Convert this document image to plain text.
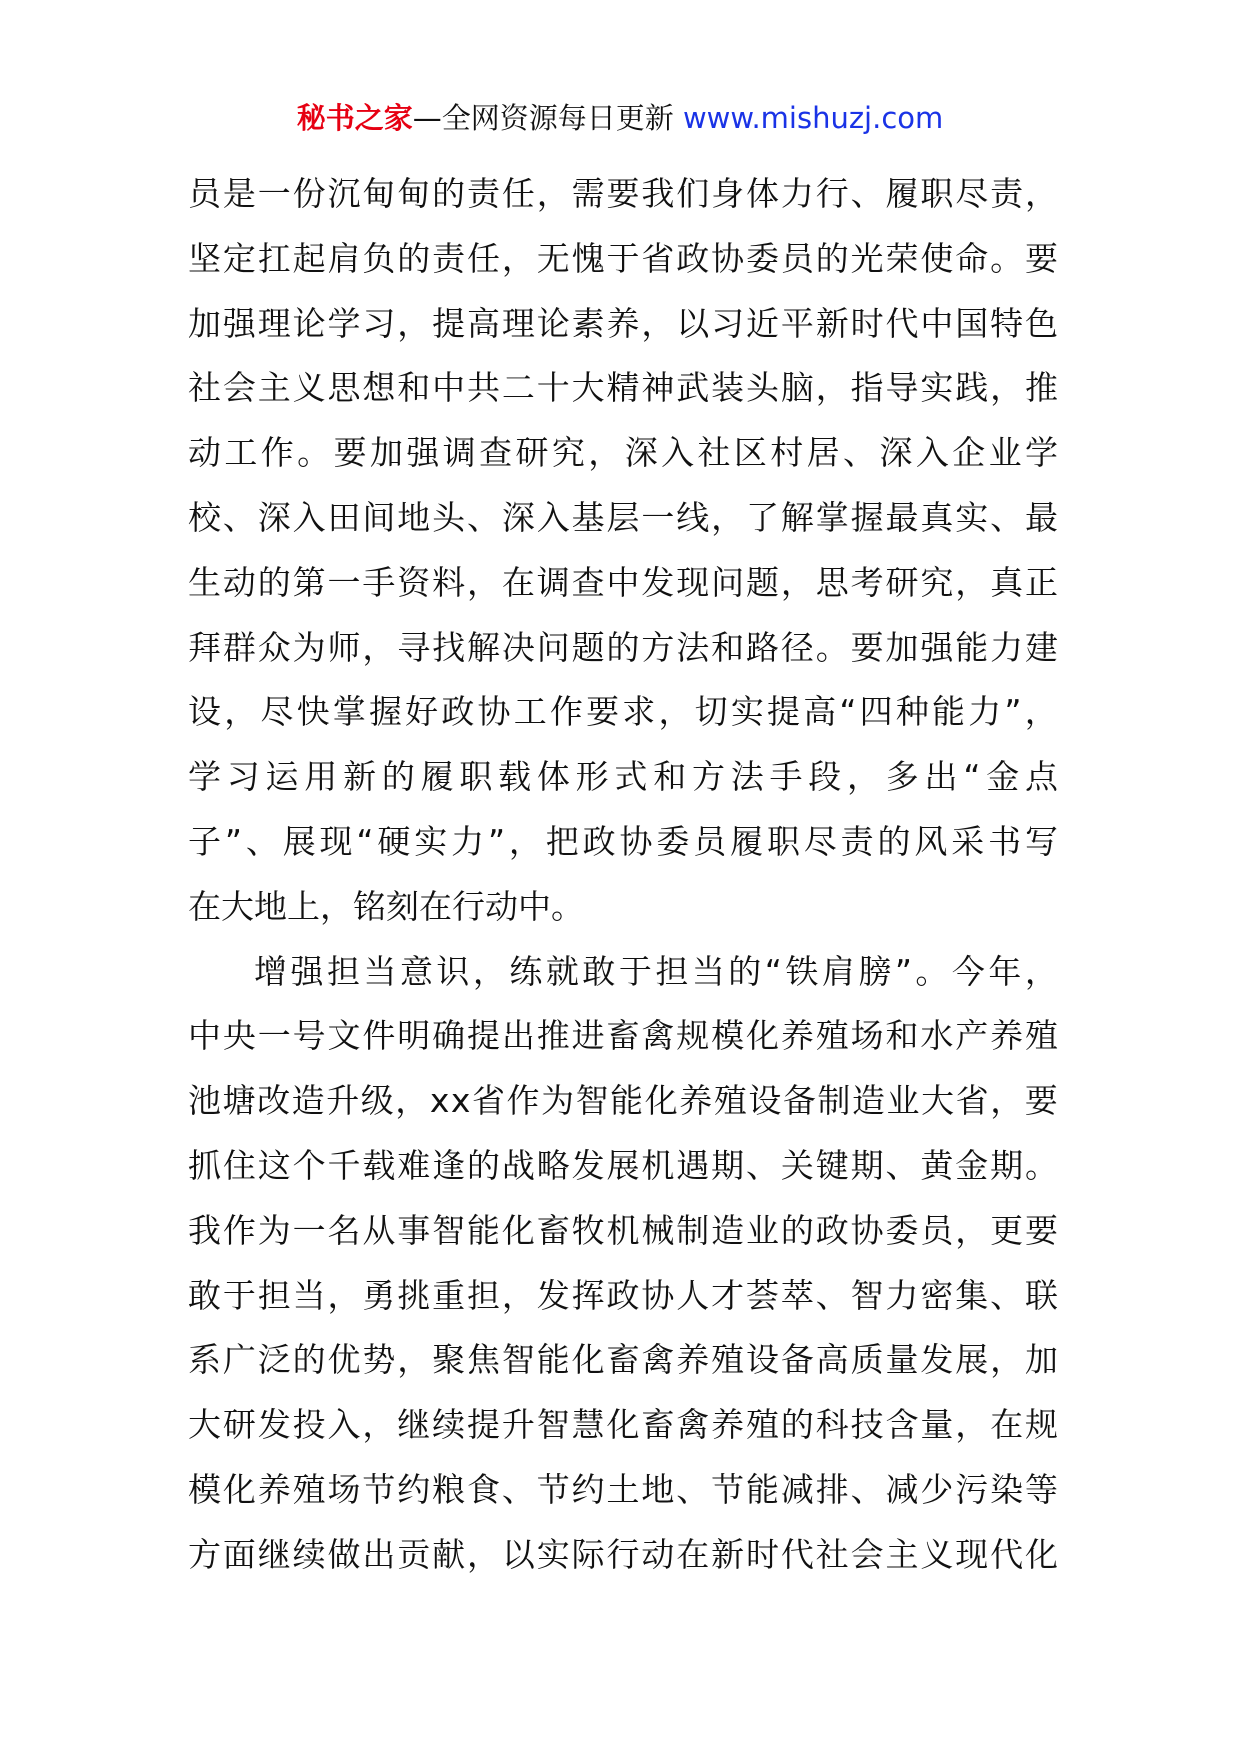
秘书之家—全网资源每日更新 www.mishuzj.com
员 是 一 份 沉 甸 甸 的 责 任 ， 需 要 我 们 身 体 力 行 、 履 职 尽 责 ，
坚 定 扛 起 肩 负 的 责 任 ， 无 愧 于 省 政 协 委 员 的 光 荣 使 命 。 要
加 强 理 论 学 习 ， 提 高 理 论 素 养 ， 以 习 近 平 新 时 代 中 国 特 色
社 会 主 义 思 想 和 中 共 二 十 大 精 神 武 装 头 脑 ， 指 导 实 践 ， 推
动 工 作 。 要 加 强 调 查 研 究 ， 深 入 社 区 村 居 、 深 入 企 业 学
校 、 深 入 田 间 地 头 、 深 入 基 层 一 线 ， 了 解 掌 握 最 真 实 、 最
生 动 的 第 一 手 资 料 ， 在 调 查 中 发 现 问 题 ， 思 考 研 究 ， 真 正
拜 群 众 为 师 ， 寻 找 解 决 问 题 的 方 法 和 路 径 。 要 加 强 能 力 建
设 ， 尽 快 掌 握 好 政 协 工 作 要 求 ， 切 实 提 高 “ 四 种 能 力 ” ，
学 习 运 用 新 的 履 职 载 体 形 式 和 方 法 手 段 ， 多 出 “ 金 点
子 ” 、 展 现 “ 硬 实 力 ” ， 把 政 协 委 员 履 职 尽 责 的 风 采 书 写
在大地上，铭刻在行动中。
增 强 担 当 意 识 ， 练 就 敢 于 担 当 的 “ 铁 肩 膀 ” 。 今 年 ，
中 央 一 号 文 件 明 确 提 出 推 进 畜 禽 规 模 化 养 殖 场 和 水 产 养 殖
池 塘 改 造 升 级 ， x x 省 作 为 智 能 化 养 殖 设 备 制 造 业 大 省 ， 要
抓 住 这 个 千 载 难 逢 的 战 略 发 展 机 遇 期 、 关 键 期 、 黄 金 期 。
我 作 为 一 名 从 事 智 能 化 畜 牧 机 械 制 造 业 的 政 协 委 员 ， 更 要
敢 于 担 当 ， 勇 挑 重 担 ， 发 挥 政 协 人 才 荟 萃 、 智 力 密 集 、 联
系 广 泛 的 优 势 ， 聚 焦 智 能 化 畜 禽 养 殖 设 备 高 质 量 发 展 ， 加
大 研 发 投 入 ， 继 续 提 升 智 慧 化 畜 禽 养 殖 的 科 技 含 量 ， 在 规
模 化 养 殖 场 节 约 粮 食 、 节 约 土 地 、 节 能 减 排 、 减 少 污 染 等
方 面 继 续 做 出 贡 献 ， 以 实 际 行 动 在 新 时 代 社 会 主 义 现 代 化
